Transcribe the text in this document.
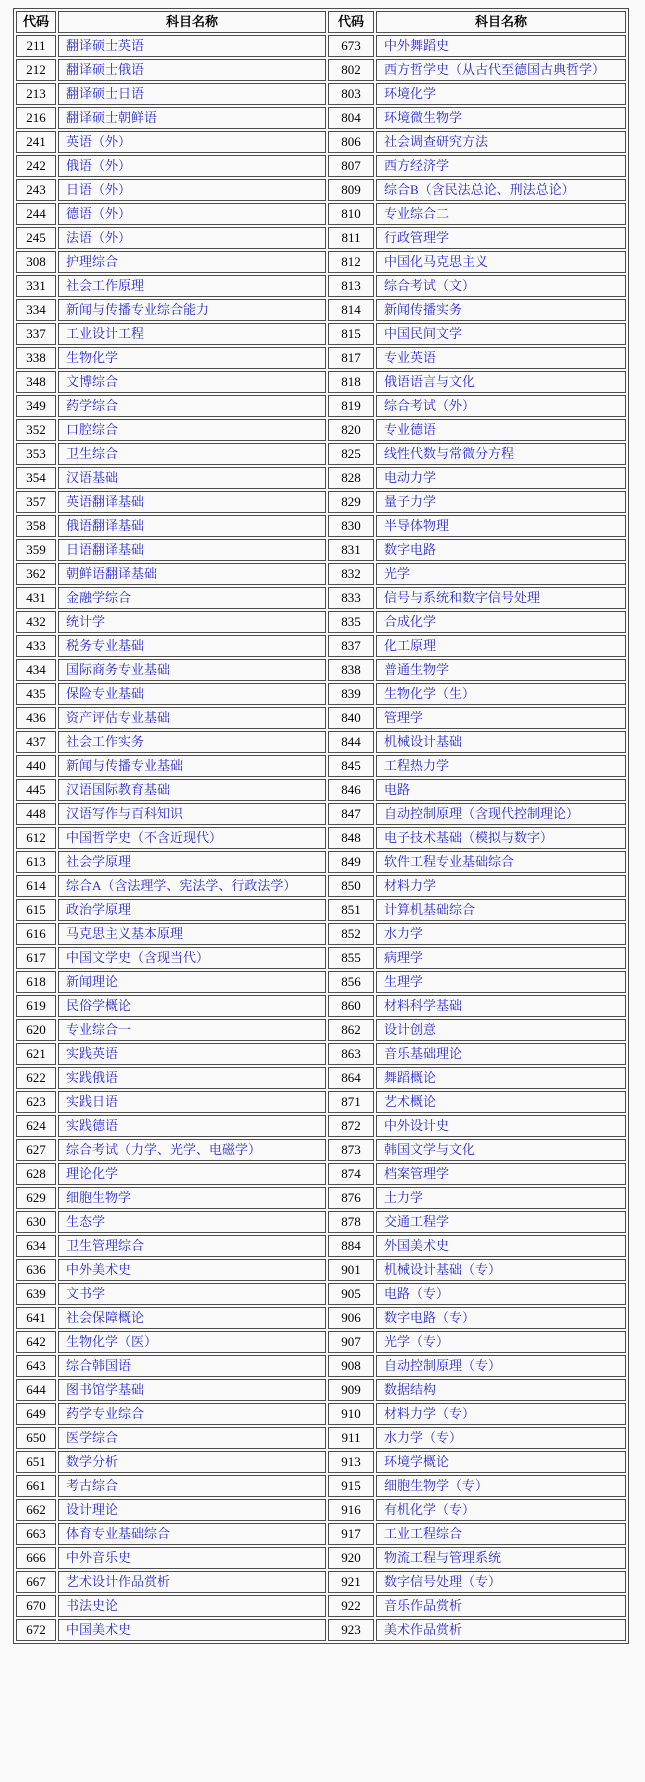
代码	科目名称	代码	科目名称
211	翻译硕士英语	673	中外舞蹈史
212	翻译硕士俄语	802	西方哲学史（从古代至德国古典哲学）
213	翻译硕士日语	803	环境化学
216	翻译硕士朝鲜语	804	环境微生物学
241	英语（外）	806	社会调查研究方法
242	俄语（外）	807	西方经济学
243	日语（外）	809	综合B（含民法总论、刑法总论）
244	德语（外）	810	专业综合二
245	法语（外）	811	行政管理学
308	护理综合	812	中国化马克思主义
331	社会工作原理	813	综合考试（文）
334	新闻与传播专业综合能力	814	新闻传播实务
337	工业设计工程	815	中国民间文学
338	生物化学	817	专业英语
348	文博综合	818	俄语语言与文化
349	药学综合	819	综合考试（外）
352	口腔综合	820	专业德语
353	卫生综合	825	线性代数与常微分方程
354	汉语基础	828	电动力学
357	英语翻译基础	829	量子力学
358	俄语翻译基础	830	半导体物理
359	日语翻译基础	831	数字电路
362	朝鲜语翻译基础	832	光学
431	金融学综合	833	信号与系统和数字信号处理
432	统计学	835	合成化学
433	税务专业基础	837	化工原理
434	国际商务专业基础	838	普通生物学
435	保险专业基础	839	生物化学（生）
436	资产评估专业基础	840	管理学
437	社会工作实务	844	机械设计基础
440	新闻与传播专业基础	845	工程热力学
445	汉语国际教育基础	846	电路
448	汉语写作与百科知识	847	自动控制原理（含现代控制理论）
612	中国哲学史（不含近现代）	848	电子技术基础（模拟与数字）
613	社会学原理	849	软件工程专业基础综合
614	综合A（含法理学、宪法学、行政法学）	850	材料力学
615	政治学原理	851	计算机基础综合
616	马克思主义基本原理	852	水力学
617	中国文学史（含现当代）	855	病理学
618	新闻理论	856	生理学
619	民俗学概论	860	材料科学基础
620	专业综合一	862	设计创意
621	实践英语	863	音乐基础理论
622	实践俄语	864	舞蹈概论
623	实践日语	871	艺术概论
624	实践德语	872	中外设计史
627	综合考试（力学、光学、电磁学）	873	韩国文学与文化
628	理论化学	874	档案管理学
629	细胞生物学	876	土力学
630	生态学	878	交通工程学
634	卫生管理综合	884	外国美术史
636	中外美术史	901	机械设计基础（专）
639	文书学	905	电路（专）
641	社会保障概论	906	数字电路（专）
642	生物化学（医）	907	光学（专）
643	综合韩国语	908	自动控制原理（专）
644	图书馆学基础	909	数据结构
649	药学专业综合	910	材料力学（专）
650	医学综合	911	水力学（专）
651	数学分析	913	环境学概论
661	考古综合	915	细胞生物学（专）
662	设计理论	916	有机化学（专）
663	体育专业基础综合	917	工业工程综合
666	中外音乐史	920	物流工程与管理系统
667	艺术设计作品赏析	921	数字信号处理（专）
670	书法史论	922	音乐作品赏析
672	中国美术史	923	美术作品赏析
